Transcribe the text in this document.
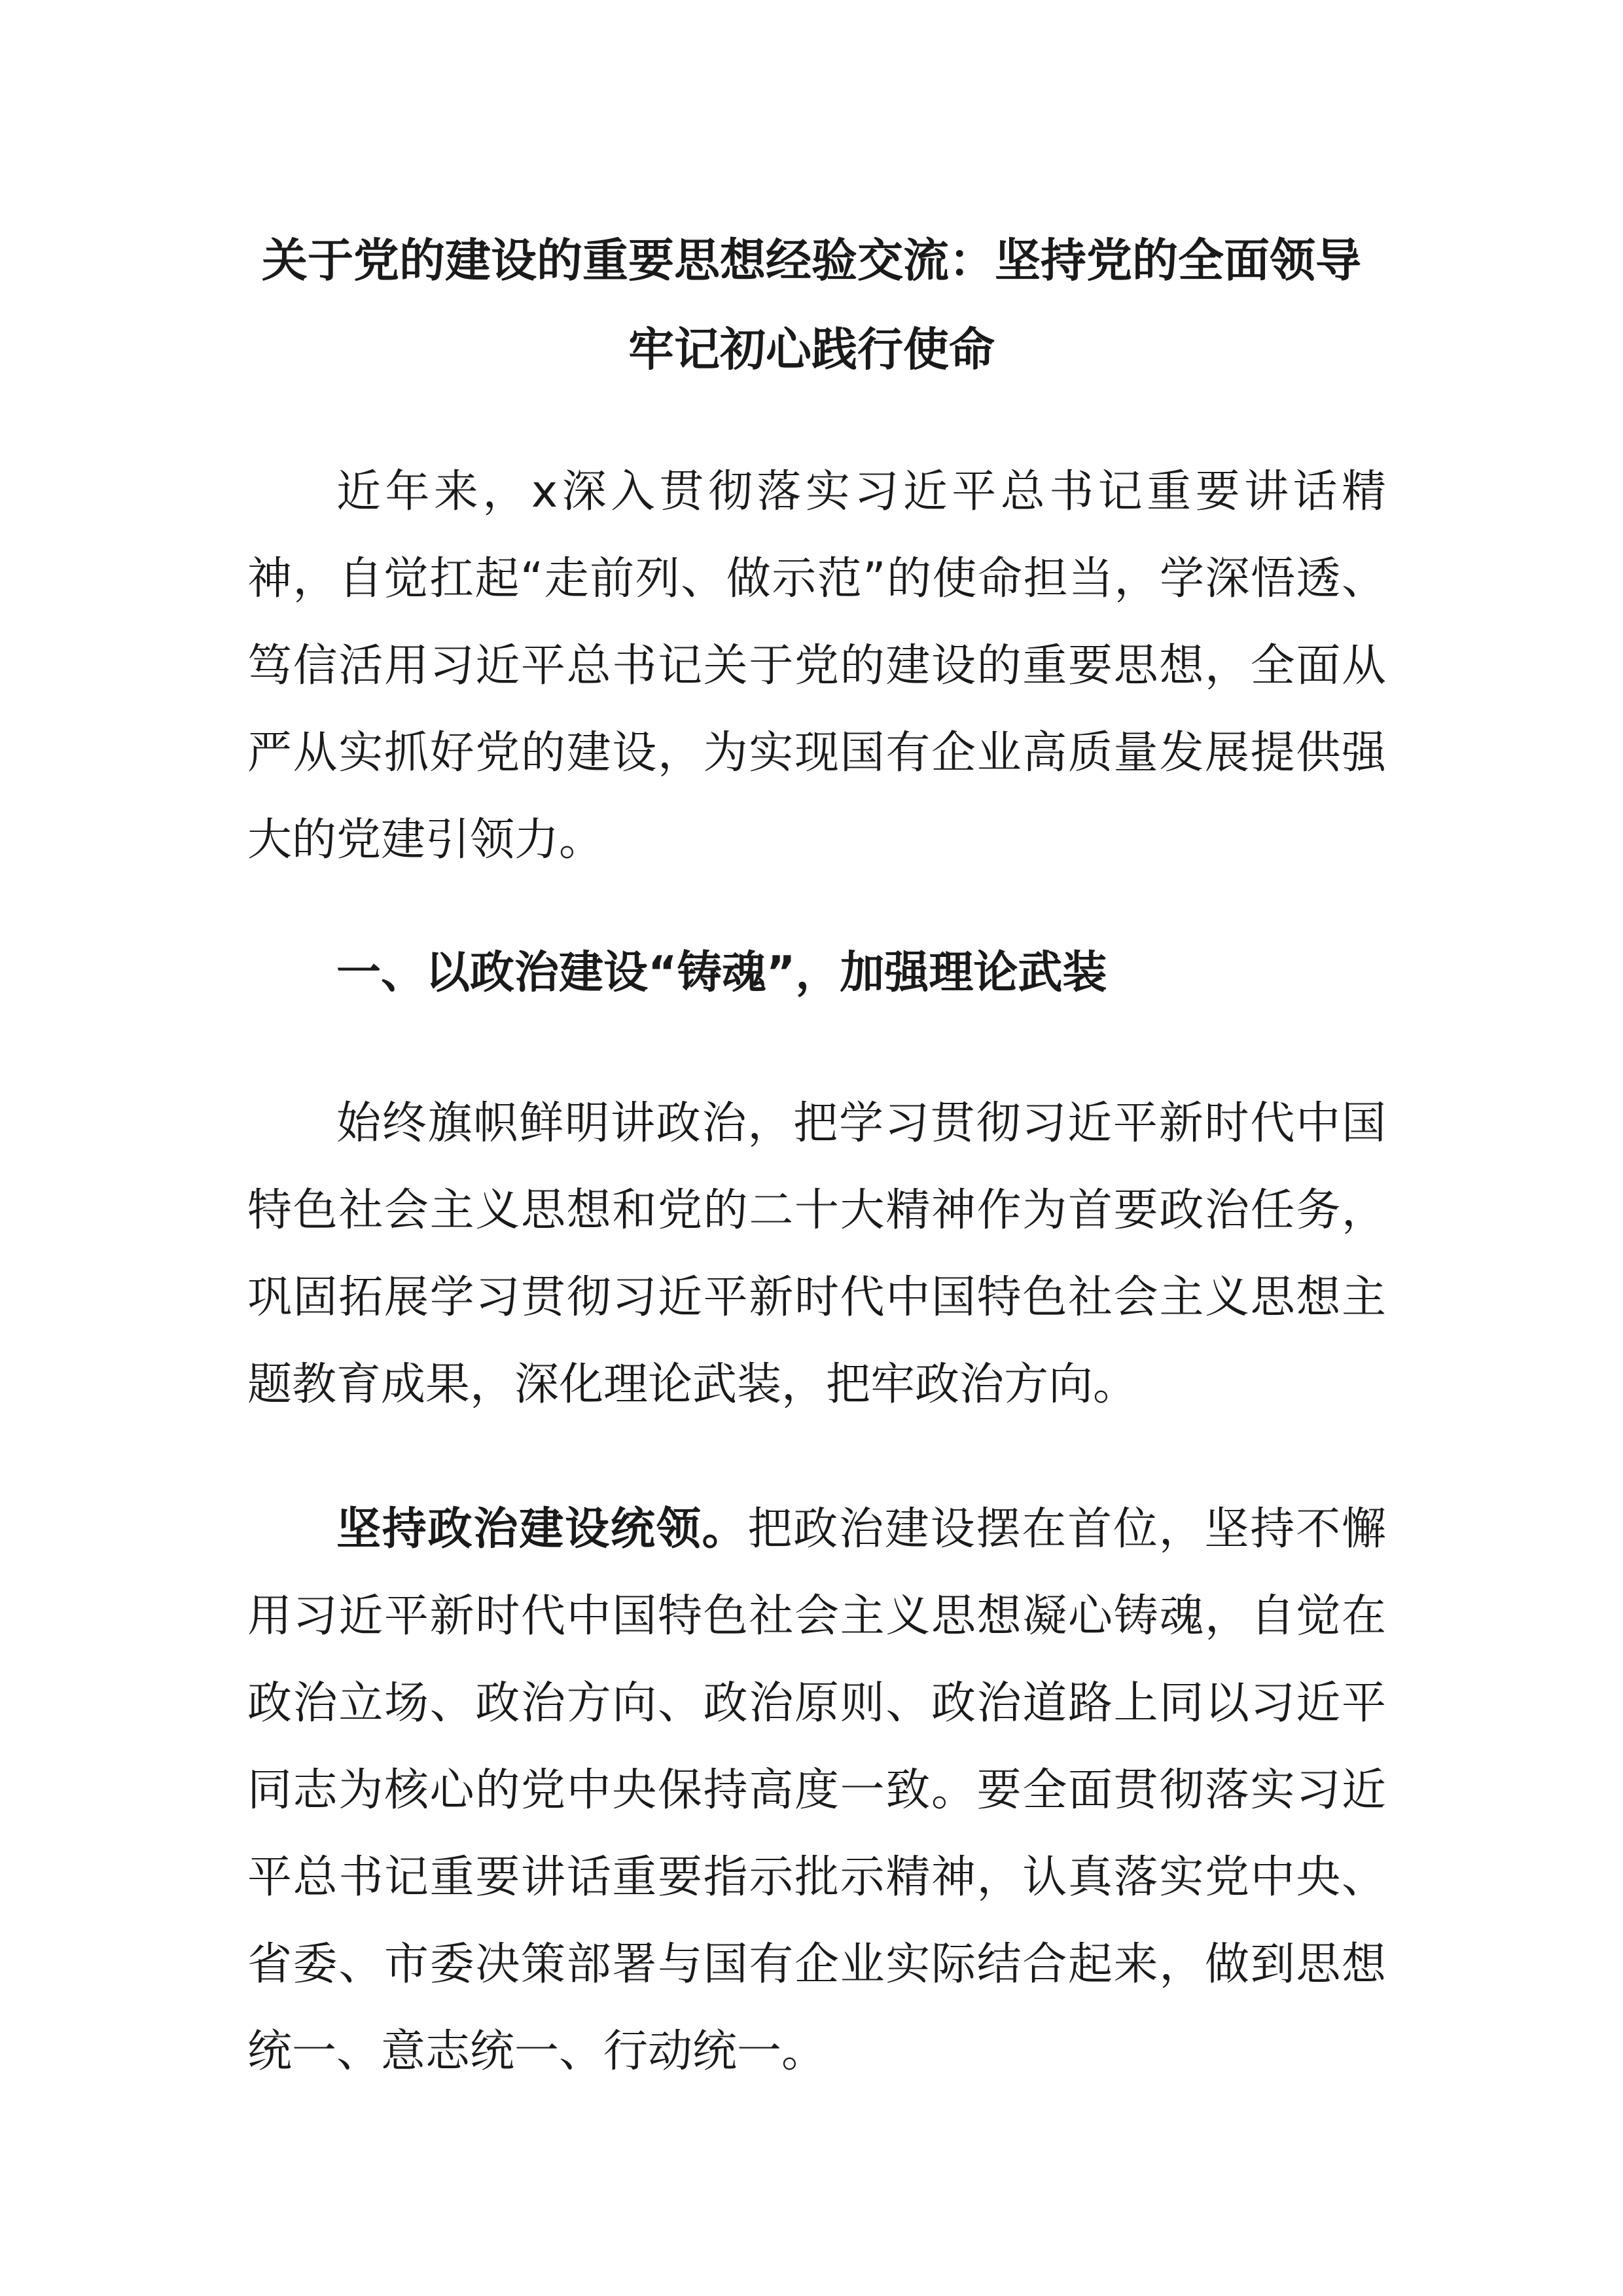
关于党的建设的重要思想经验交流：坚持党的全面领导牢记初心践行使命

近年来，x深入贯彻落实习近平总书记重要讲话精神，自觉扛起“走前列、做示范”的使命担当，学深悟透、笃信活用习近平总书记关于党的建设的重要思想，全面从严从实抓好党的建设，为实现国有企业高质量发展提供强大的党建引领力。

一、以政治建设“铸魂”，加强理论武装

始终旗帜鲜明讲政治，把学习贯彻习近平新时代中国特色社会主义思想和党的二十大精神作为首要政治任务，巩固拓展学习贯彻习近平新时代中国特色社会主义思想主题教育成果，深化理论武装，把牢政治方向。

坚持政治建设统领。把政治建设摆在首位，坚持不懈用习近平新时代中国特色社会主义思想凝心铸魂，自觉在政治立场、政治方向、政治原则、政治道路上同以习近平同志为核心的党中央保持高度一致。要全面贯彻落实习近平总书记重要讲话重要指示批示精神，认真落实党中央、省委、市委决策部署与国有企业实际结合起来，做到思想统一、意志统一、行动统一。
